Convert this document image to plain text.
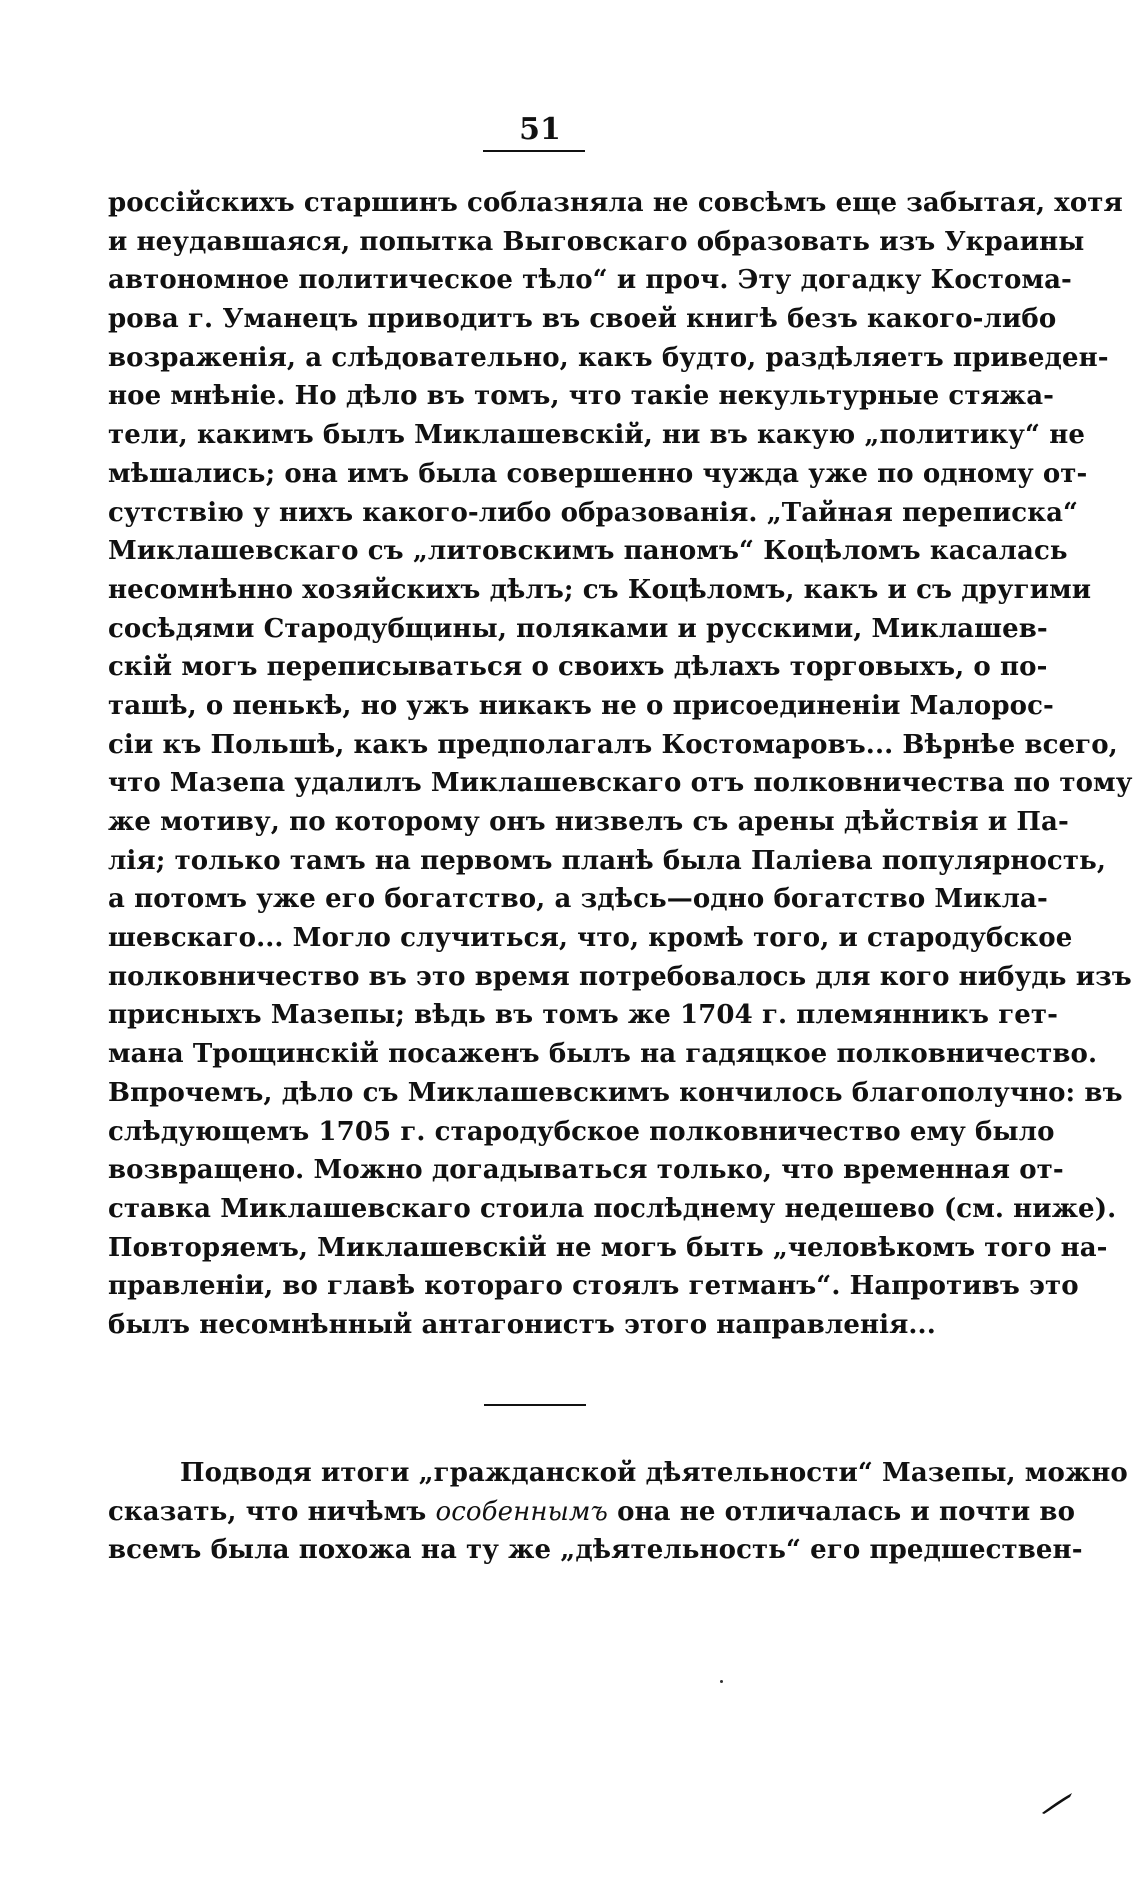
51
россійскихъ старшинъ соблазняла не совсѣмъ еще забытая, хотя
и неудавшаяся, попытка Выговскаго образовать изъ Украины
автономное политическое тѣло“ и проч. Эту догадку Костома-
рова г. Уманецъ приводитъ въ своей книгѣ безъ какого-либо
возраженія, а слѣдовательно, какъ будто, раздѣляетъ приведен-
ное мнѣніе. Но дѣло въ томъ, что такіе некультурные стяжа-
тели, какимъ былъ Миклашевскій, ни въ какую „политику“ не
мѣшались; она имъ была совершенно чужда уже по одному от-
сутствію у нихъ какого-либо образованія. „Тайная переписка“
Миклашевскаго съ „литовскимъ паномъ“ Коцѣломъ касалась
несомнѣнно хозяйскихъ дѣлъ; съ Коцѣломъ, какъ и съ другими
сосѣдями Стародубщины, поляками и русскими, Миклашев-
скій могъ переписываться о своихъ дѣлахъ торговыхъ, о по-
ташѣ, о пенькѣ, но ужъ никакъ не о присоединеніи Малорос-
сіи къ Польшѣ, какъ предполагалъ Костомаровъ... Вѣрнѣе всего,
что Мазепа удалилъ Миклашевскаго отъ полковничества по тому
же мотиву, по которому онъ низвелъ съ арены дѣйствія и Па-
лія; только тамъ на первомъ планѣ была Паліева популярность,
а потомъ уже его богатство, а здѣсь—одно богатство Микла-
шевскаго... Могло случиться, что, кромѣ того, и стародубское
полковничество въ это время потребовалось для кого нибудь изъ
присныхъ Мазепы; вѣдь въ томъ же 1704 г. племянникъ гет-
мана Трощинскій посаженъ былъ на гадяцкое полковничество.
Впрочемъ, дѣло съ Миклашевскимъ кончилось благополучно: въ
слѣдующемъ 1705 г. стародубское полковничество ему было
возвращено. Можно догадываться только, что временная от-
ставка Миклашевскаго стоила послѣднему недешево (см. ниже).
Повторяемъ, Миклашевскій не могъ быть „человѣкомъ того на-
правленіи, во главѣ котораго стоялъ гетманъ“. Напротивъ это
былъ несомнѣнный антагонистъ этого направленія...
Подводя итоги „гражданской дѣятельности“ Мазепы, можно
сказать, что ничѣмъ особеннымъ она не отличалась и почти во
всемъ была похожа на ту же „дѣятельность“ его предшествен-
